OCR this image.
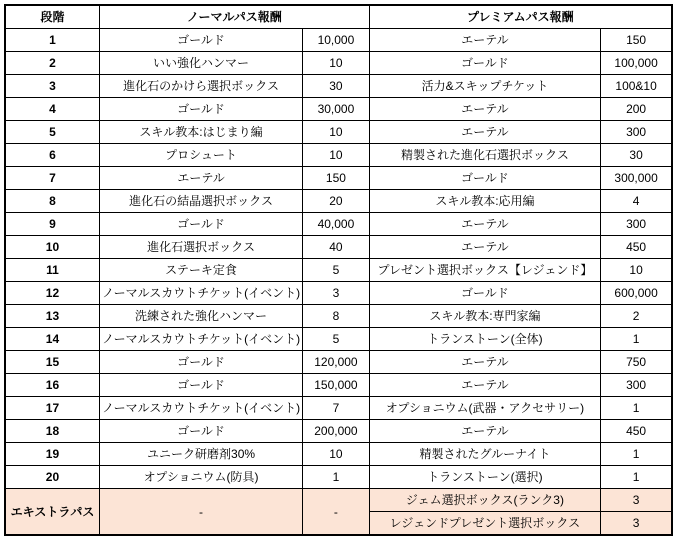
段階	ノーマルパス報酬		プレミアムパス報酬	
1	ゴールド	10,000	エーテル	150
2	いい強化ハンマー	10	ゴールド	100,000
3	進化石のかけら選択ボックス	30	活力&スキップチケット	100&10
4	ゴールド	30,000	エーテル	200
5	スキル教本:はじまり編	10	エーテル	300
6	プロシュート	10	精製された進化石選択ボックス	30
7	エーテル	150	ゴールド	300,000
8	進化石の結晶選択ボックス	20	スキル教本:応用編	4
9	ゴールド	40,000	エーテル	300
10	進化石選択ボックス	40	エーテル	450
11	ステーキ定食	5	プレゼント選択ボックス【レジェンド】	10
12	ノーマルスカウトチケット(イベント)	3	ゴールド	600,000
13	洗練された強化ハンマー	8	スキル教本:専門家編	2
14	ノーマルスカウトチケット(イベント)	5	トランストーン(全体)	1
15	ゴールド	120,000	エーテル	750
16	ゴールド	150,000	エーテル	300
17	ノーマルスカウトチケット(イベント)	7	オプショニウム(武器・アクセサリー)	1
18	ゴールド	200,000	エーテル	450
19	ユニーク研磨剤30%	10	精製されたグルーナイト	1
20	オプショニウム(防具)	1	トランストーン(選択)	1
エキストラパス	-	-	ジェム選択ボックス(ランク3)	3
			レジェンドプレゼント選択ボックス	3
